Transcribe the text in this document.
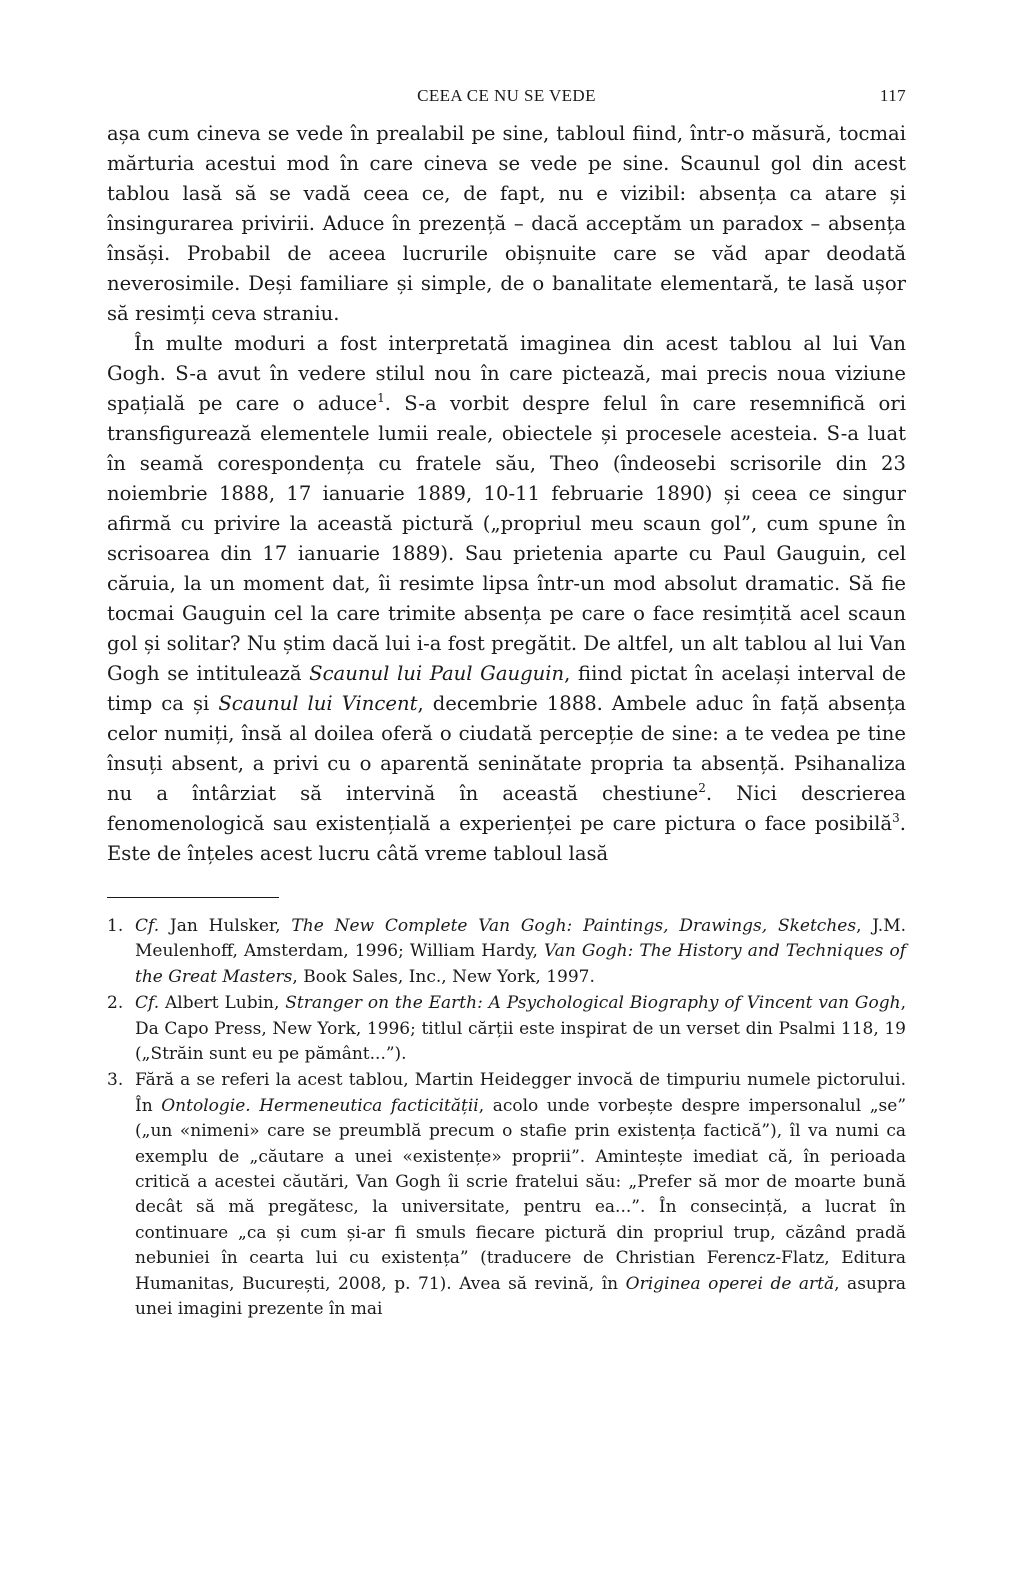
CEEA CE NU SE VEDE	117

așa cum cineva se vede în prealabil pe sine, tabloul fiind, într-o măsură, tocmai mărturia acestui mod în care cineva se vede pe sine. Scaunul gol din acest tablou lasă să se vadă ceea ce, de fapt, nu e vizibil: absența ca atare și însingurarea privirii. Aduce în prezență – dacă acceptăm un paradox – absența însăși. Probabil de aceea lucrurile obișnuite care se văd apar deodată neverosimile. Deși familiare și simple, de o banalitate elementară, te lasă ușor să resimți ceva straniu.

În multe moduri a fost interpretată imaginea din acest tablou al lui Van Gogh. S-a avut în vedere stilul nou în care pictează, mai precis noua viziune spațială pe care o aduce$^1$. S-a vorbit despre felul în care resemnifică ori transfigurează elementele lumii reale, obiectele și procesele acesteia. S-a luat în seamă corespondența cu fratele său, Theo (îndeosebi scrisorile din 23 noiembrie 1888, 17 ianuarie 1889, 10-11 februarie 1890) și ceea ce singur afirmă cu privire la această pictură („propriul meu scaun gol”, cum spune în scrisoarea din 17 ianuarie 1889). Sau prietenia aparte cu Paul Gauguin, cel căruia, la un moment dat, îi resimte lipsa într-un mod absolut dramatic. Să fie tocmai Gauguin cel la care trimite absența pe care o face resimțită acel scaun gol și solitar? Nu știm dacă lui i-a fost pregătit. De altfel, un alt tablou al lui Van Gogh se intitulează Scaunul lui Paul Gauguin, fiind pictat în același interval de timp ca și Scaunul lui Vincent, decembrie 1888. Ambele aduc în față absența celor numiți, însă al doilea oferă o ciudată percepție de sine: a te vedea pe tine însuți absent, a privi cu o aparentă seninătate propria ta absență. Psihanaliza nu a întârziat să intervină în această chestiune$^2$. Nici descrierea fenomenologică sau existențială a experienței pe care pictura o face posibilă$^3$. Este de înțeles acest lucru câtă vreme tabloul lasă

1. Cf. Jan Hulsker, The New Complete Van Gogh: Paintings, Drawings, Sketches, J.M. Meulenhoff, Amsterdam, 1996; William Hardy, Van Gogh: The History and Techniques of the Great Masters, Book Sales, Inc., New York, 1997.
2. Cf. Albert Lubin, Stranger on the Earth: A Psychological Biography of Vincent van Gogh, Da Capo Press, New York, 1996; titlul cărții este inspirat de un verset din Psalmi 118, 19 („Străin sunt eu pe pământ...”).
3. Fără a se referi la acest tablou, Martin Heidegger invocă de timpuriu numele pictorului. În Ontologie. Hermeneutica facticității, acolo unde vorbește despre impersonalul „se” („un «nimeni» care se preumblă precum o stafie prin existența factică”), îl va numi ca exemplu de „căutare a unei «existențe» proprii”. Amintește imediat că, în perioada critică a acestei căutări, Van Gogh îi scrie fratelui său: „Prefer să mor de moarte bună decât să mă pregătesc, la universitate, pentru ea...”. În consecință, a lucrat în continuare „ca și cum și-ar fi smuls fiecare pictură din propriul trup, căzând pradă nebuniei în cearta lui cu existența” (traducere de Christian Ferencz-Flatz, Editura Humanitas, București, 2008, p. 71). Avea să revină, în Originea operei de artă, asupra unei imagini prezente în mai
